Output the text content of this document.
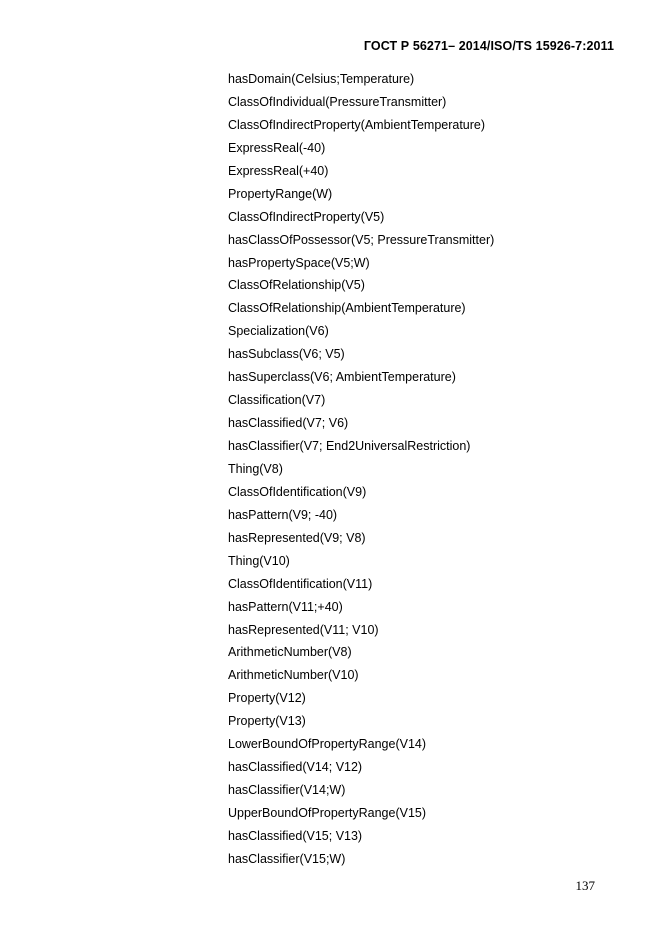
ГОСТ Р 56271– 2014/ISO/TS 15926-7:2011
hasDomain(Celsius;Temperature)
ClassOfIndividual(PressureTransmitter)
ClassOfIndirectProperty(AmbientTemperature)
ExpressReal(-40)
ExpressReal(+40)
PropertyRange(W)
ClassOfIndirectProperty(V5)
hasClassOfPossessor(V5; PressureTransmitter)
hasPropertySpace(V5;W)
ClassOfRelationship(V5)
ClassOfRelationship(AmbientTemperature)
Specialization(V6)
hasSubclass(V6; V5)
hasSuperclass(V6; AmbientTemperature)
Classification(V7)
hasClassified(V7; V6)
hasClassifier(V7; End2UniversalRestriction)
Thing(V8)
ClassOfIdentification(V9)
hasPattern(V9; -40)
hasRepresented(V9; V8)
Thing(V10)
ClassOfIdentification(V11)
hasPattern(V11;+40)
hasRepresented(V11; V10)
ArithmeticNumber(V8)
ArithmeticNumber(V10)
Property(V12)
Property(V13)
LowerBoundOfPropertyRange(V14)
hasClassified(V14; V12)
hasClassifier(V14;W)
UpperBoundOfPropertyRange(V15)
hasClassified(V15; V13)
hasClassifier(V15;W)
137
